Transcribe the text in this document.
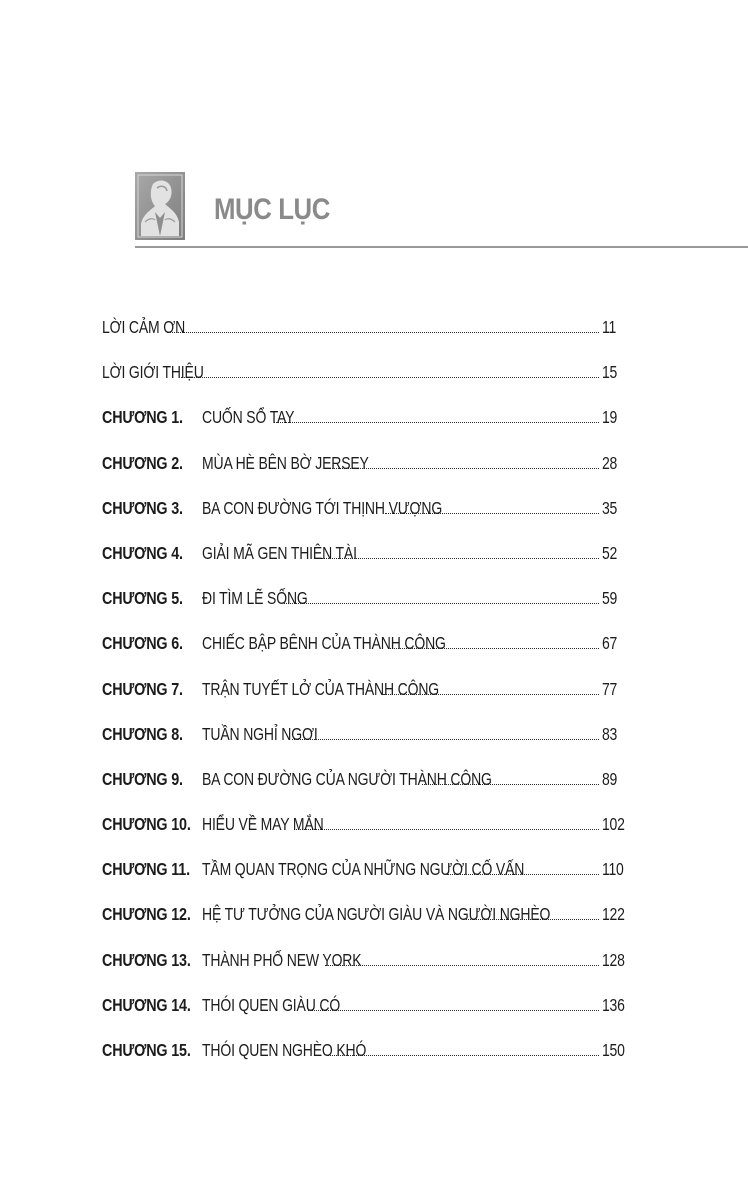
MỤC LỤC
LỜI CẢM ƠN	11
LỜI GIỚI THIỆU	15
CHƯƠNG 1. CUỐN SỔ TAY	19
CHƯƠNG 2. MÙA HÈ BÊN BỜ JERSEY	28
CHƯƠNG 3. BA CON ĐƯỜNG TỚI THỊNH VƯỢNG	35
CHƯƠNG 4. GIẢI MÃ GEN THIÊN TÀI	52
CHƯƠNG 5. ĐI TÌM LẼ SỐNG	59
CHƯƠNG 6. CHIẾC BẬP BÊNH CỦA THÀNH CÔNG	67
CHƯƠNG 7. TRẬN TUYẾT LỞ CỦA THÀNH CÔNG	77
CHƯƠNG 8. TUẦN NGHỈ NGƠI	83
CHƯƠNG 9. BA CON ĐƯỜNG CỦA NGƯỜI THÀNH CÔNG	89
CHƯƠNG 10. HIỂU VỀ MAY MẮN	102
CHƯƠNG 11. TẦM QUAN TRỌNG CỦA NHỮNG NGƯỜI CỐ VẤN	110
CHƯƠNG 12. HỆ TƯ TƯỞNG CỦA NGƯỜI GIÀU VÀ NGƯỜI NGHÈO	122
CHƯƠNG 13. THÀNH PHỐ NEW YORK	128
CHƯƠNG 14. THÓI QUEN GIÀU CÓ	136
CHƯƠNG 15. THÓI QUEN NGHÈO KHÓ	150
